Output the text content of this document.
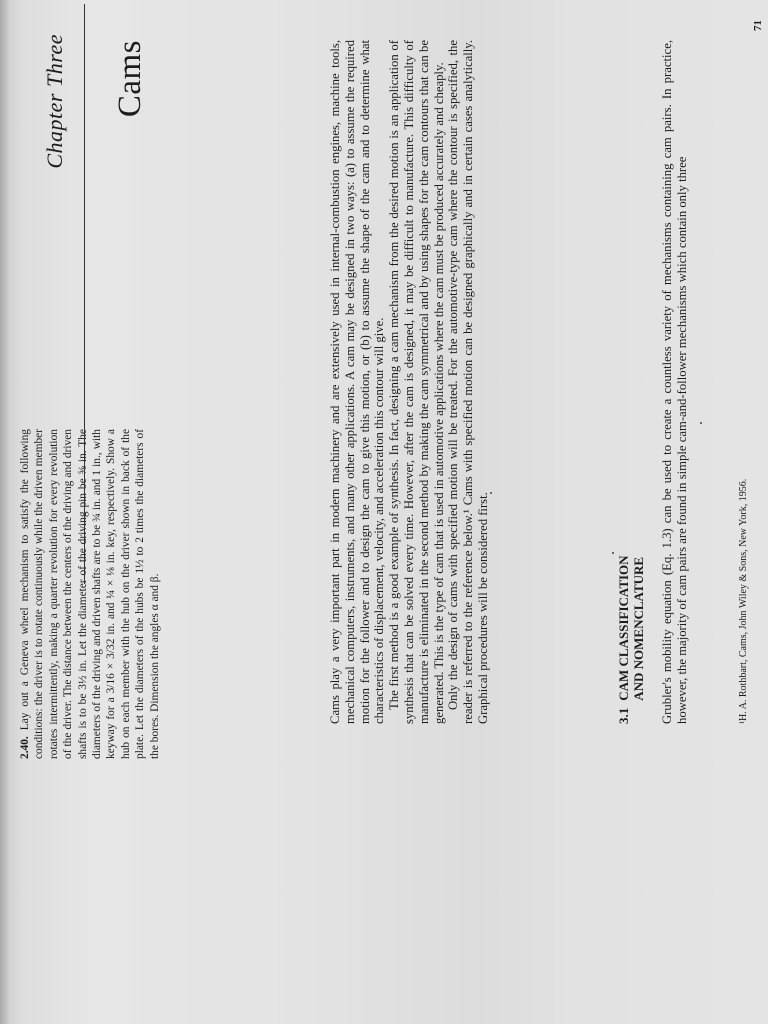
2.40. Lay out a Geneva wheel mechanism to satisfy the following conditions: the driver is to rotate continuously while the driven member rotates intermittently, making a quarter revolution for every revolution of the driver. The distance between the centers of the driving and driven shafts is to be 3½ in. Let the diameter of the driving pin be ⅝ in. The diameters of the driving and driven shafts are to be ¾ in. and 1 in., with keyway for a 3/16 × 3/32 in. and ¼ × ⅛ in. key, respectively. Show a hub on each member with the hub on the driver shown in back of the plate. Let the diameters of the hubs be 1½ to 2 times the diameters of the bores. Dimension the angles α and β.
Chapter Three Cams	Cams play a very important part in modern machinery and are extensively used in internal-combustion engines, machine tools, mechanical computers, instruments, and many other applications. A cam may be designed in two ways: (a) to assume the required motion for the follower and to design the cam to give this motion, or (b) to assume the shape of the cam and to determine what characteristics of displacement, velocity, and acceleration this contour will give. The first method is a good example of synthesis. In fact, designing a cam mechanism from the desired motion is an application of synthesis that can be solved every time. However, after the cam is designed, it may be difficult to manufacture. This difficulty of manufacture is eliminated in the second method by making the cam symmetrical and by using shapes for the cam contours that can be generated. This is the type of cam that is used in automotive applications where the cam must be produced accurately and cheaply. Only the design of cams with specified motion will be treated. For the automotive-type cam where the contour is specified, the reader is referred to the reference below.¹ Cams with specified motion can be designed graphically and in certain cases analytically. Graphical procedures will be considered first.	3.1
CAM CLASSIFICATION AND NOMENCLATURE Grubler's mobility equation (Eq. 1.3) can be used to create a countless variety of mechanisms containing cam pairs. In practice, however, the majority of cam pairs are found in simple cam-and-follower mechanisms which contain only three	¹H. A. Rothbart, Cams, John Wiley & Sons, New York, 1956.
71
